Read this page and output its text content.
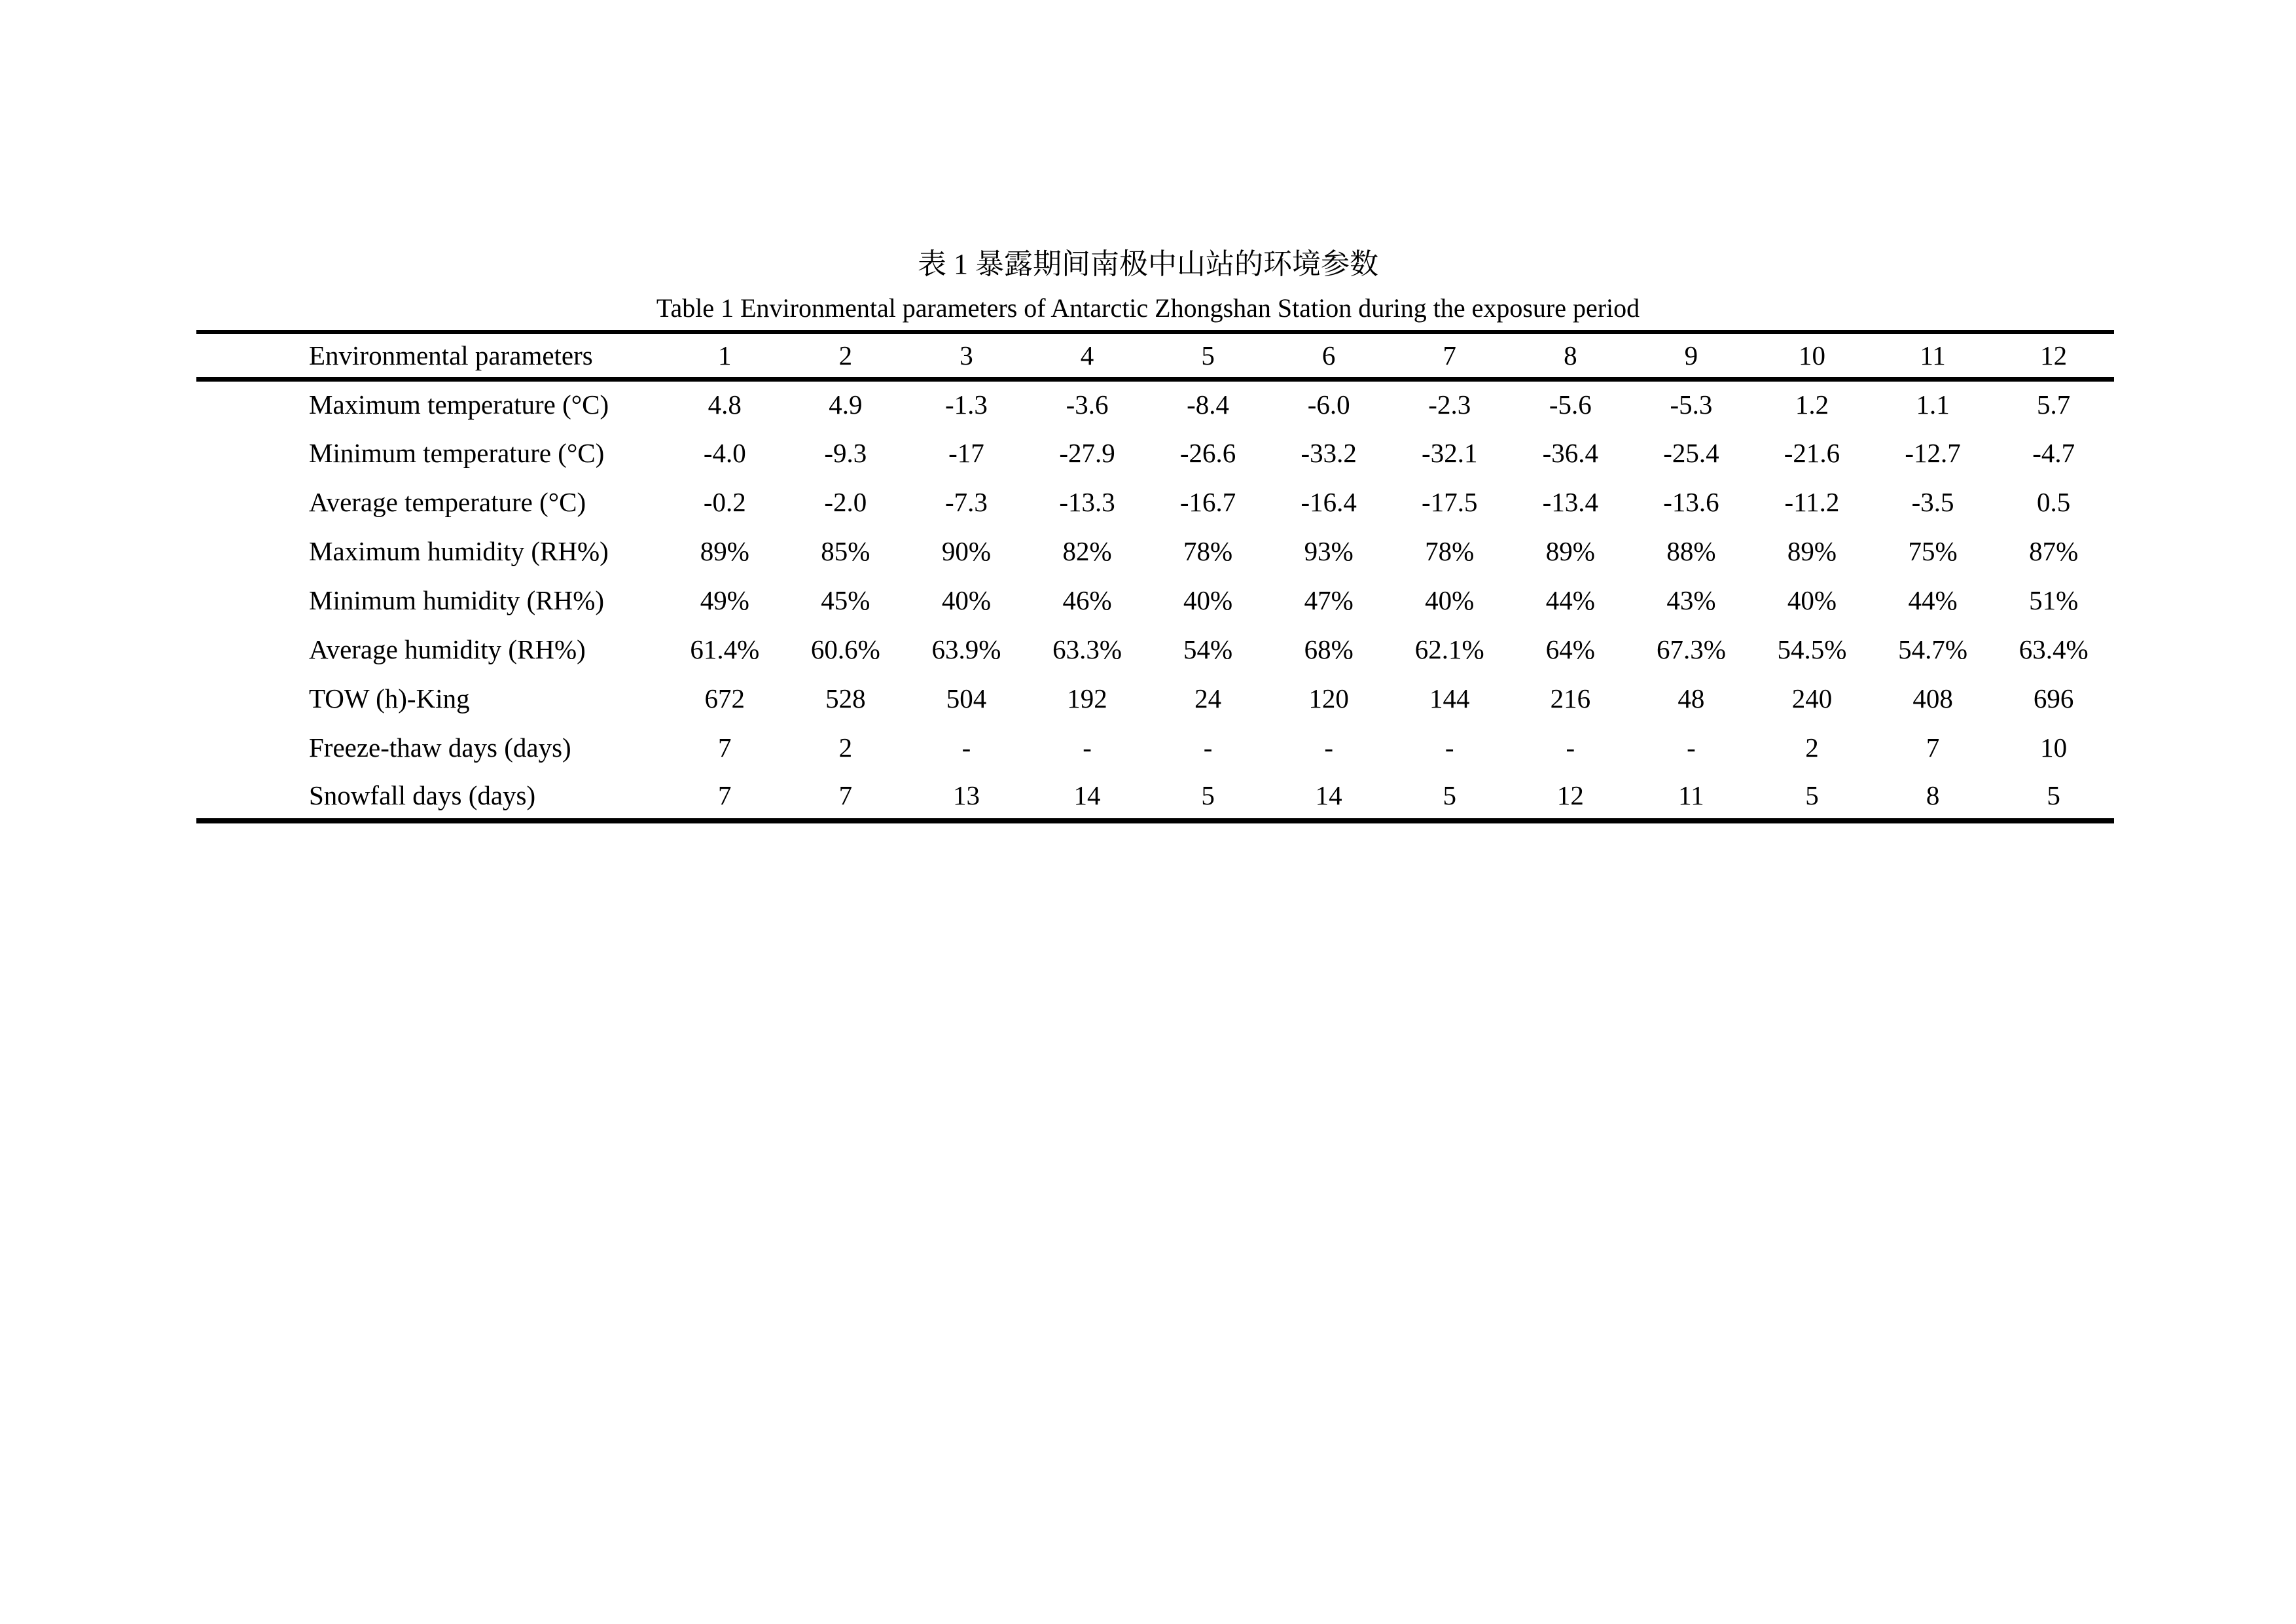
表 1 暴露期间南极中山站的环境参数
Table 1 Environmental parameters of Antarctic Zhongshan Station during the exposure period
Environmental parameters	1	2	3	4	5	6	7	8	9	10	11	12
Maximum temperature (°C)	4.8	4.9	-1.3	-3.6	-8.4	-6.0	-2.3	-5.6	-5.3	1.2	1.1	5.7
Minimum temperature (°C)	-4.0	-9.3	-17	-27.9	-26.6	-33.2	-32.1	-36.4	-25.4	-21.6	-12.7	-4.7
Average temperature (°C)	-0.2	-2.0	-7.3	-13.3	-16.7	-16.4	-17.5	-13.4	-13.6	-11.2	-3.5	0.5
Maximum humidity (RH%)	89%	85%	90%	82%	78%	93%	78%	89%	88%	89%	75%	87%
Minimum humidity (RH%)	49%	45%	40%	46%	40%	47%	40%	44%	43%	40%	44%	51%
Average humidity (RH%)	61.4%	60.6%	63.9%	63.3%	54%	68%	62.1%	64%	67.3%	54.5%	54.7%	63.4%
TOW (h)-King	672	528	504	192	24	120	144	216	48	240	408	696
Freeze-thaw days (days)	7	2	-	-	-	-	-	-	-	2	7	10
Snowfall days (days)	7	7	13	14	5	14	5	12	11	5	8	5
